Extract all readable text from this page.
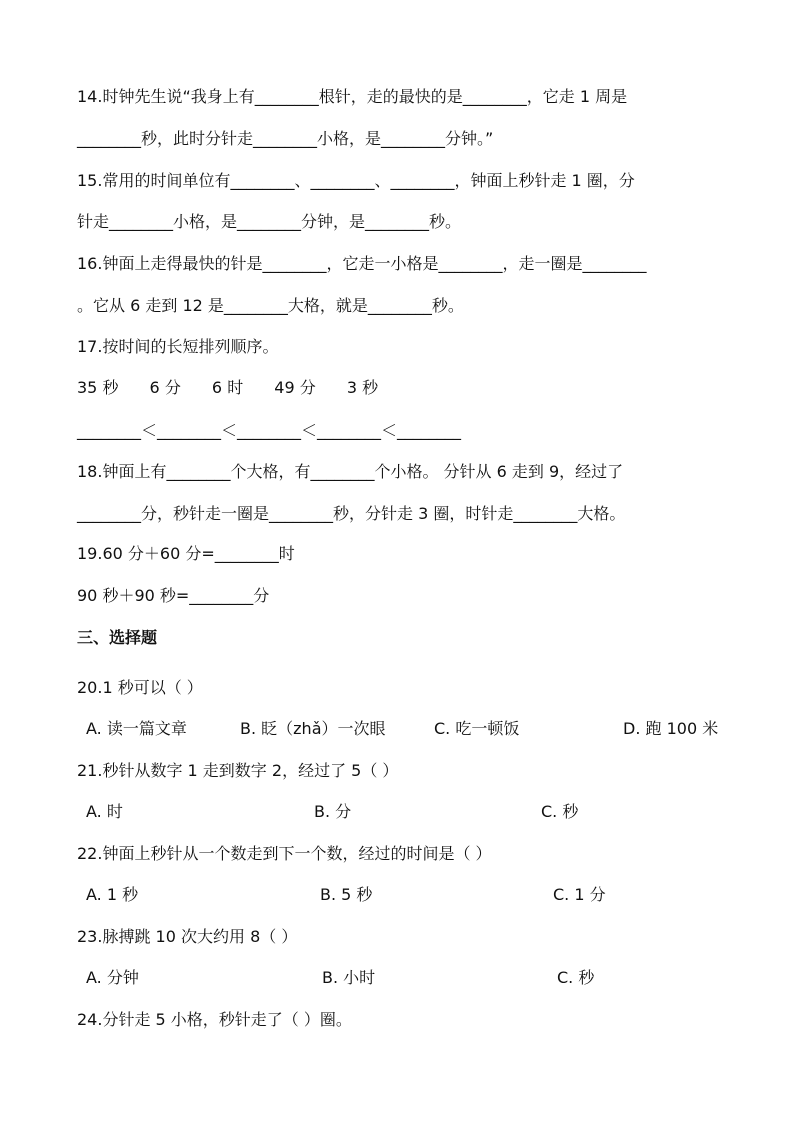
14.时钟先生说“我身上有________根针，走的最快的是________，它走 1 周是
________秒，此时分针走________小格，是________分钟。”
15.常用的时间单位有________、________、________，钟面上秒针走 1 圈，分
针走________小格，是________分钟，是________秒。
16.钟面上走得最快的针是________，它走一小格是________，走一圈是________
。它从 6 走到 12 是________大格，就是________秒。
17.按时间的长短排列顺序。
35 秒 6 分 6 时 49 分 3 秒
________＜________＜________＜________＜________
18.钟面上有________个大格，有________个小格。 分针从 6 走到 9，经过了
________分，秒针走一圈是________秒，分针走 3 圈，时针走________大格。
19.60 分＋60 分=________时
90 秒＋90 秒=________分
三、选择题
20.1 秒可以（ ）
A. 读一篇文章	B. 眨（zhǎ）一次眼	C. 吃一顿饭	D. 跑 100 米
21.秒针从数字 1 走到数字 2，经过了 5（ ）
A. 时	B. 分	C. 秒
22.钟面上秒针从一个数走到下一个数，经过的时间是（ ）
A. 1 秒	B. 5 秒	C. 1 分
23.脉搏跳 10 次大约用 8（ ）
A. 分钟	B. 小时	C. 秒
24.分针走 5 小格，秒针走了（ ）圈。
